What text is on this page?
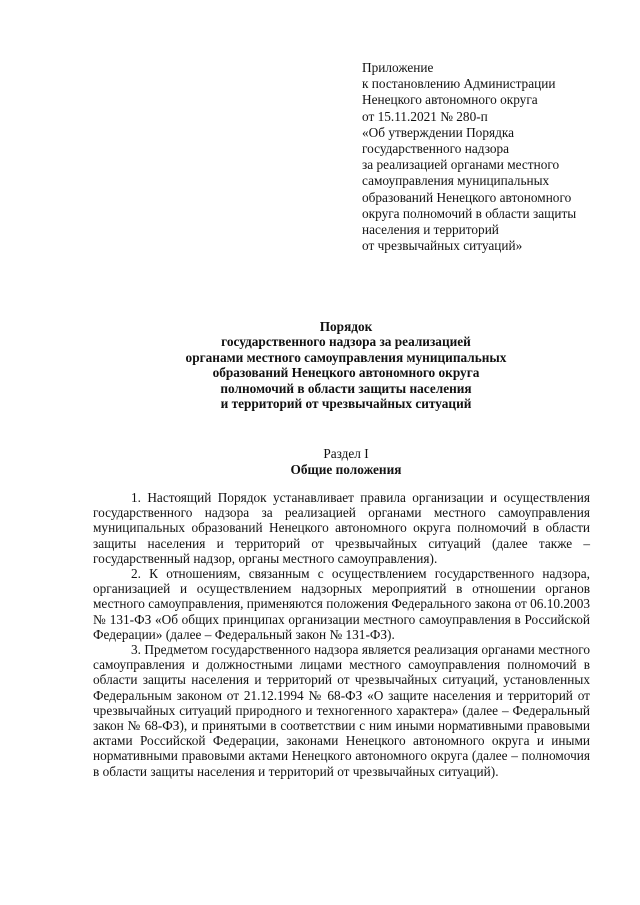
Приложение
к постановлению Администрации
Ненецкого автономного округа
от 15.11.2021 № 280-п
«Об утверждении Порядка
государственного надзора
за реализацией органами местного
самоуправления муниципальных
образований Ненецкого автономного
округа полномочий в области защиты
населения и территорий
от чрезвычайных ситуаций»
Порядок
государственного надзора за реализацией
органами местного самоуправления муниципальных
образований Ненецкого автономного округа
полномочий в области защиты населения
и территорий от чрезвычайных ситуаций
Раздел I
Общие положения

1. Настоящий Порядок устанавливает правила организации и осуществления государственного надзора за реализацией органами местного самоуправления муниципальных образований Ненецкого автономного округа полномочий в области защиты населения и территорий от чрезвычайных ситуаций (далее также – государственный надзор, органы местного самоуправления).

2. К отношениям, связанным с осуществлением государственного надзора, организацией и осуществлением надзорных мероприятий в отношении органов местного самоуправления, применяются положения Федерального закона от 06.10.2003 № 131-ФЗ «Об общих принципах организации местного самоуправления в Российской Федерации» (далее – Федеральный закон № 131-ФЗ).

3. Предметом государственного надзора является реализация органами местного самоуправления и должностными лицами местного самоуправления полномочий в области защиты населения и территорий от чрезвычайных ситуаций, установленных Федеральным законом от 21.12.1994 № 68-ФЗ «О защите населения и территорий от чрезвычайных ситуаций природного и техногенного характера» (далее – Федеральный закон № 68-ФЗ), и принятыми в соответствии с ним иными нормативными правовыми актами Российской Федерации, законами Ненецкого автономного округа и иными нормативными правовыми актами Ненецкого автономного округа (далее – полномочия в области защиты населения и территорий от чрезвычайных ситуаций).
